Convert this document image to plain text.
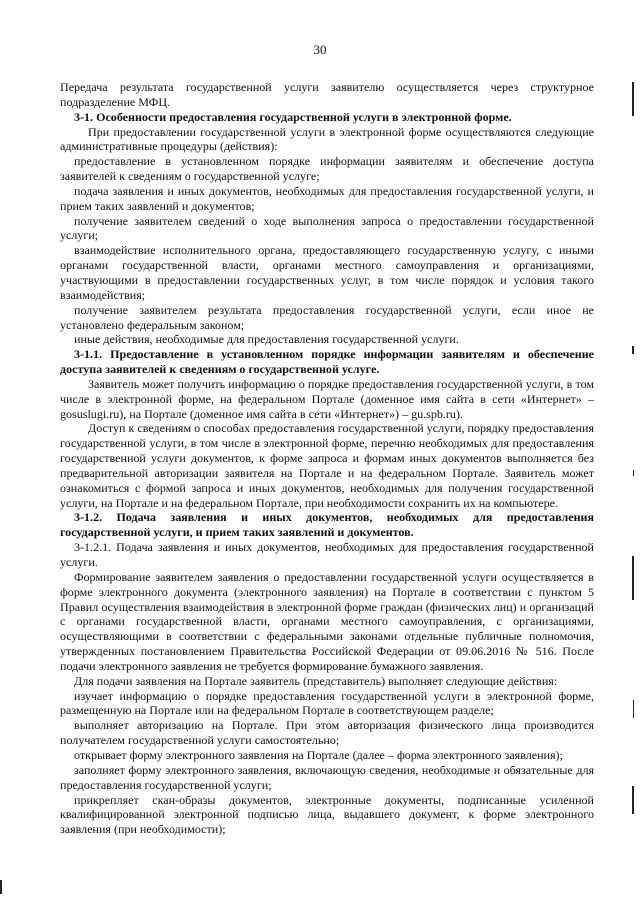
30

Передача результата государственной услуги заявителю осуществляется через структурное подразделение МФЦ.

3-1. Особенности предоставления государственной услуги в электронной форме.

При предоставлении государственной услуги в электронной форме осуществляются следующие административные процедуры (действия):

предоставление в установленном порядке информации заявителям и обеспечение доступа заявителей к сведениям о государственной услуге;

подача заявления и иных документов, необходимых для предоставления государственной услуги, и прием таких заявлений и документов;

получение заявителем сведений о ходе выполнения запроса о предоставлении государственной услуги;

взаимодействие исполнительного органа, предоставляющего государственную услугу, с иными органами государственной власти, органами местного самоуправления и организациями, участвующими в предоставлении государственных услуг, в том числе порядок и условия такого взаимодействия;

получение заявителем результата предоставления государственной услуги, если иное не установлено федеральным законом;

иные действия, необходимые для предоставления государственной услуги.

3-1.1. Предоставление в установленном порядке информации заявителям и обеспечение доступа заявителей к сведениям о государственной услуге.

Заявитель может получить информацию о порядке предоставления государственной услуги, в том числе в электронной форме, на федеральном Портале (доменное имя сайта в сети «Интернет» – gosuslugi.ru), на Портале (доменное имя сайта в сети «Интернет») – gu.spb.ru).

Доступ к сведениям о способах предоставления государственной услуги, порядку предоставления государственной услуги, в том числе в электронной форме, перечню необходимых для предоставления государственной услуги документов, к форме запроса и формам иных документов выполняется без предварительной авторизации заявителя на Портале и на федеральном Портале. Заявитель может ознакомиться с формой запроса и иных документов, необходимых для получения государственной услуги, на Портале и на федеральном Портале, при необходимости сохранить их на компьютере.

3-1.2. Подача заявления и иных документов, необходимых для предоставления государственной услуги, и прием таких заявлений и документов.

3-1.2.1. Подача заявления и иных документов, необходимых для предоставления государственной услуги.

Формирование заявителем заявления о предоставлении государственной услуги осуществляется в форме электронного документа (электронного заявления) на Портале в соответствии с пунктом 5 Правил осуществления взаимодействия в электронной форме граждан (физических лиц) и организаций с органами государственной власти, органами местного самоуправления, с организациями, осуществляющими в соответствии с федеральными законами отдельные публичные полномочия, утвержденных постановлением Правительства Российской Федерации от 09.06.2016 № 516. После подачи электронного заявления не требуется формирование бумажного заявления.

Для подачи заявления на Портале заявитель (представитель) выполняет следующие действия:

изучает информацию о порядке предоставления государственной услуги в электронной форме, размещенную на Портале или на федеральном Портале в соответствующем разделе;

выполняет авторизацию на Портале. При этом авторизация физического лица производится получателем государственной услуги самостоятельно;

открывает форму электронного заявления на Портале (далее – форма электронного заявления);

заполняет форму электронного заявления, включающую сведения, необходимые и обязательные для предоставления государственной услуги;

прикрепляет скан-образы документов, электронные документы, подписанные усиленной квалифицированной электронной подписью лица, выдавшего документ, к форме электронного заявления (при необходимости);
